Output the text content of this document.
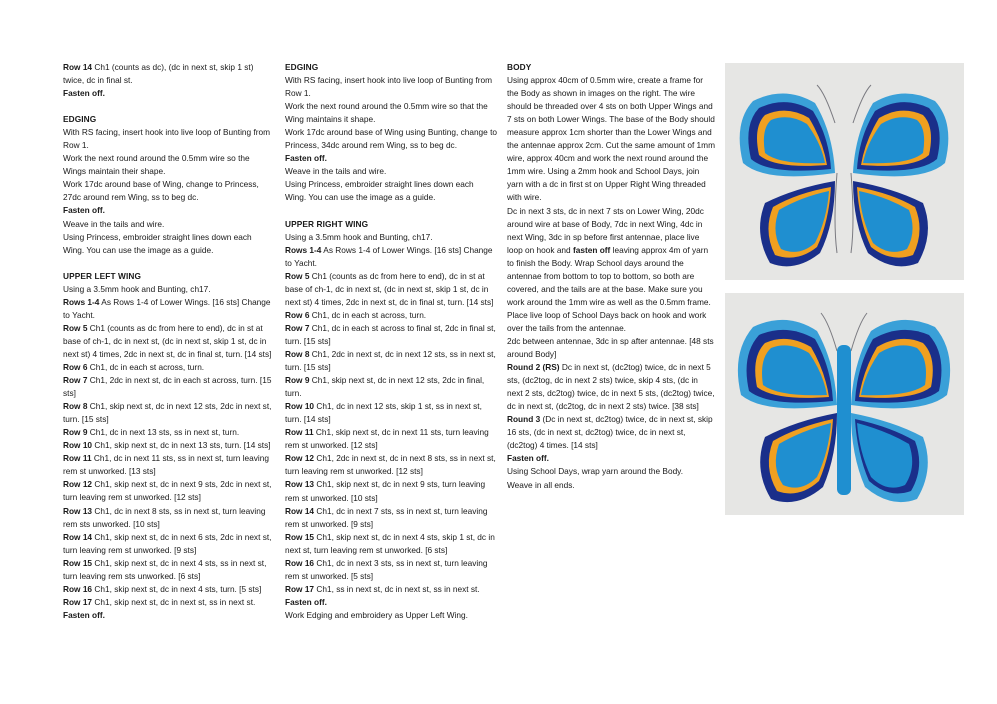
Row 14 Ch1 (counts as dc), (dc in next st, skip 1 st) twice, dc in final st.

Fasten off.

EDGING

With RS facing, insert hook into live loop of Bunting from Row 1.

Work the next round around the 0.5mm wire so the Wings maintain their shape.

Work 17dc around base of Wing, change to Princess, 27dc around rem Wing, ss to beg dc.

Fasten off.

Weave in the tails and wire.

Using Princess, embroider straight lines down each Wing. You can use the image as a guide.

UPPER LEFT WING

Using a 3.5mm hook and Bunting, ch17.

Rows 1-4 As Rows 1-4 of Lower Wings. [16 sts] Change to Yacht.

Row 5 Ch1 (counts as dc from here to end), dc in st at base of ch-1, dc in next st, (dc in next st, skip 1 st, dc in next st) 4 times, 2dc in next st, dc in final st, turn. [14 sts]

Row 6 Ch1, dc in each st across, turn.

Row 7 Ch1, 2dc in next st, dc in each st across, turn. [15 sts]

Row 8 Ch1, skip next st, dc in next 12 sts, 2dc in next st, turn. [15 sts]

Row 9 Ch1, dc in next 13 sts, ss in next st, turn.

Row 10 Ch1, skip next st, dc in next 13 sts, turn. [14 sts]

Row 11 Ch1, dc in next 11 sts, ss in next st, turn leaving rem st unworked. [13 sts]

Row 12 Ch1, skip next st, dc in next 9 sts, 2dc in next st, turn leaving rem st unworked. [12 sts]

Row 13 Ch1, dc in next 8 sts, ss in next st, turn leaving rem sts unworked. [10 sts]

Row 14 Ch1, skip next st, dc in next 6 sts, 2dc in next st, turn leaving rem st unworked. [9 sts]

Row 15 Ch1, skip next st, dc in next 4 sts, ss in next st, turn leaving rem sts unworked. [6 sts]

Row 16 Ch1, skip next st, dc in next 4 sts, turn. [5 sts]

Row 17 Ch1, skip next st, dc in next st, ss in next st.

Fasten off.

EDGING

With RS facing, insert hook into live loop of Bunting from Row 1.

Work the next round around the 0.5mm wire so that the Wing maintains it shape.

Work 17dc around base of Wing using Bunting, change to Princess, 34dc around rem Wing, ss to beg dc.

Fasten off.

Weave in the tails and wire.

Using Princess, embroider straight lines down each Wing. You can use the image as a guide.

UPPER RIGHT WING

Using a 3.5mm hook and Bunting, ch17.

Rows 1-4 As Rows 1-4 of Lower Wings. [16 sts] Change to Yacht.

Row 5 Ch1 (counts as dc from here to end), dc in st at base of ch-1, dc in next st, (dc in next st, skip 1 st, dc in next st) 4 times, 2dc in next st, dc in final st, turn. [14 sts]

Row 6 Ch1, dc in each st across, turn.

Row 7 Ch1, dc in each st across to final st, 2dc in final st, turn. [15 sts]

Row 8 Ch1, 2dc in next st, dc in next 12 sts, ss in next st, turn. [15 sts]

Row 9 Ch1, skip next st, dc in next 12 sts, 2dc in final, turn.

Row 10 Ch1, dc in next 12 sts, skip 1 st, ss in next st, turn. [14 sts]

Row 11 Ch1, skip next st, dc in next 11 sts, turn leaving rem st unworked. [12 sts]

Row 12 Ch1, 2dc in next st, dc in next 8 sts, ss in next st, turn leaving rem st unworked. [12 sts]

Row 13 Ch1, skip next st, dc in next 9 sts, turn leaving rem st unworked. [10 sts]

Row 14 Ch1, dc in next 7 sts, ss in next st, turn leaving rem st unworked. [9 sts]

Row 15 Ch1, skip next st, dc in next 4 sts, skip 1 st, dc in next st, turn leaving rem st unworked. [6 sts]

Row 16 Ch1, dc in next 3 sts, ss in next st, turn leaving rem st unworked. [5 sts]

Row 17 Ch1, ss in next st, dc in next st, ss in next st.

Fasten off.

Work Edging and embroidery as Upper Left Wing.

BODY

Using approx 40cm of 0.5mm wire, create a frame for the Body as shown in images on the right. The wire should be threaded over 4 sts on both Upper Wings and 7 sts on both Lower Wings. The base of the Body should measure approx 1cm shorter than the Lower Wings and the antennae approx 2cm. Cut the same amount of 1mm wire, approx 40cm and work the next round around the 1mm wire. Using a 2mm hook and School Days, join yarn with a dc in first st on Upper Right Wing threaded with wire.

Dc in next 3 sts, dc in next 7 sts on Lower Wing, 20dc around wire at base of Body, 7dc in next Wing, 4dc in next Wing, 3dc in sp before first antennae, place live loop on hook and fasten off leaving approx 4m of yarn to finish the Body. Wrap School days around the antennae from bottom to top to bottom, so both are covered, and the tails are at the base. Make sure you work around the 1mm wire as well as the 0.5mm frame. Place live loop of School Days back on hook and work over the tails from the antennae.

2dc between antennae, 3dc in sp after antennae. [48 sts around Body]

Round 2 (RS) Dc in next st, (dc2tog) twice, dc in next 5 sts, (dc2tog, dc in next 2 sts) twice, skip 4 sts, (dc in next 2 sts, dc2tog) twice, dc in next 5 sts, (dc2tog) twice, dc in next st, (dc2tog, dc in next 2 sts) twice. [38 sts]

Round 3 (Dc in next st, dc2tog) twice, dc in next st, skip 16 sts, (dc in next st, dc2tog) twice, dc in next st, (dc2tog) 4 times. [14 sts]

Fasten off.

Using School Days, wrap yarn around the Body.

Weave in all ends.
